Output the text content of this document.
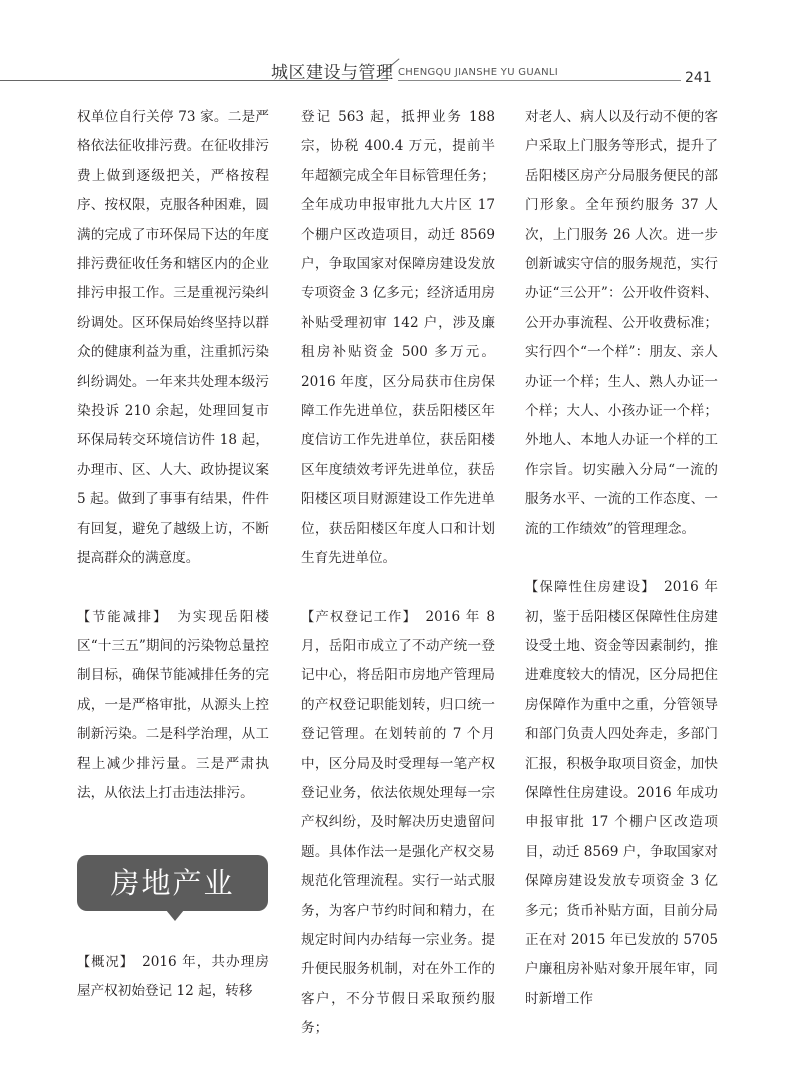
城区建设与管理 CHENGQU JIANSHE YU GUANLI	241

权单位自行关停 73 家。二是严格依法征收排污费。在征收排污费上做到逐级把关，严格按程序、按权限，克服各种困难，圆满的完成了市环保局下达的年度排污费征收任务和辖区内的企业排污申报工作。三是重视污染纠纷调处。区环保局始终坚持以群众的健康利益为重，注重抓污染纠纷调处。一年来共处理本级污染投诉 210 余起，处理回复市环保局转交环境信访件 18 起，办理市、区、人大、政协提议案 5 起。做到了事事有结果，件件有回复，避免了越级上访，不断提高群众的满意度。

【节能减排】　 为实现岳阳楼区“十三五”期间的污染物总量控制目标，确保节能减排任务的完成，一是严格审批，从源头上控制新污染。二是科学治理，从工程上减少排污量。三是严肃执法，从依法上打击违法排污。

房地产业

【概况】　 2016 年，共办理房屋产权初始登记 12 起，转移

登记 563 起，抵押业务 188 宗，协税 400.4 万元，提前半年超额完成全年目标管理任务；全年成功申报审批九大片区 17 个棚户区改造项目，动迁 8569 户，争取国家对保障房建设发放专项资金 3 亿多元；经济适用房补贴受理初审 142 户，涉及廉租房补贴资金 500 多万元。2016 年度，区分局获市住房保障工作先进单位，获岳阳楼区年度信访工作先进单位，获岳阳楼区年度绩效考评先进单位，获岳阳楼区项目财源建设工作先进单位，获岳阳楼区年度人口和计划生育先进单位。

【产权登记工作】　 2016 年 8 月，岳阳市成立了不动产统一登记中心，将岳阳市房地产管理局的产权登记职能划转，归口统一登记管理。在划转前的 7 个月中，区分局及时受理每一笔产权登记业务，依法依规处理每一宗产权纠纷，及时解决历史遗留问题。具体作法一是强化产权交易规范化管理流程。实行一站式服务，为客户节约时间和精力，在规定时间内办结每一宗业务。提升便民服务机制，对在外工作的客户，不分节假日采取预约服务；

对老人、病人以及行动不便的客户采取上门服务等形式，提升了岳阳楼区房产分局服务便民的部门形象。全年预约服务 37 人次，上门服务 26 人次。进一步创新诚实守信的服务规范，实行办证“三公开”：公开收件资料、公开办事流程、公开收费标准；实行四个“一个样”：朋友、亲人办证一个样；生人、熟人办证一个样；大人、小孩办证一个样；外地人、本地人办证一个样的工作宗旨。切实融入分局“一流的服务水平、一流的工作态度、一流的工作绩效”的管理理念。

【保障性住房建设】　 2016 年初，鉴于岳阳楼区保障性住房建设受土地、资金等因素制约，推进难度较大的情况，区分局把住房保障作为重中之重，分管领导和部门负责人四处奔走，多部门汇报，积极争取项目资金，加快保障性住房建设。2016 年成功申报审批 17 个棚户区改造项目，动迁 8569 户，争取国家对保障房建设发放专项资金 3 亿多元；货币补贴方面，目前分局正在对 2015 年已发放的 5705 户廉租房补贴对象开展年审，同时新增工作
